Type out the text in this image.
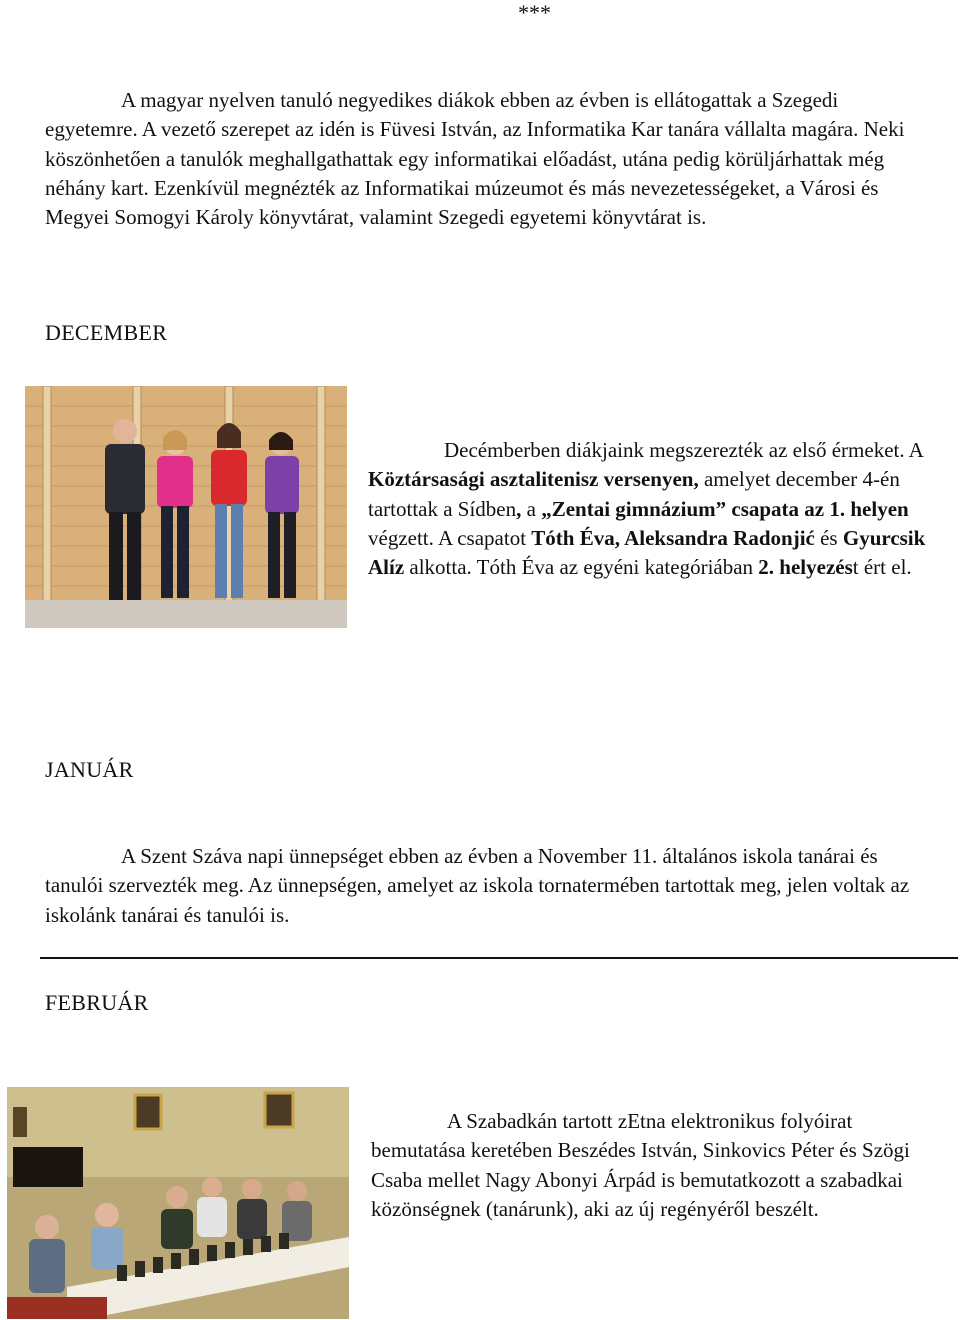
***

A magyar nyelven tanuló negyedikes diákok ebben az évben is ellátogattak a Szegedi egyetemre. A vezető szerepet az idén is Füvesi István, az Informatika Kar tanára vállalta magára. Neki köszönhetően a tanulók meghallgathattak egy informatikai előadást, utána pedig körüljárhattak még néhány kart. Ezenkívül megnézték az Informatikai múzeumot és más nevezetességeket, a Városi és Megyei Somogyi Károly könyvtárat, valamint Szegedi egyetemi könyvtárat is.

DECEMBER

Decémberben diákjaink megszerezték az első érmeket. A Köztársasági asztalitenisz versenyen, amelyet december 4-én tartottak a Sídben, a „Zentai gimnázium” csapata az 1. helyen végzett. A csapatot Tóth Éva, Aleksandra Radonjić és Gyurcsik Alíz alkotta. Tóth Éva az egyéni kategóriában 2. helyezést ért el.

JANUÁR

A Szent Száva napi ünnepséget ebben az évben a November 11. általános iskola tanárai és tanulói szervezték meg. Az ünnepségen, amelyet az iskola tornatermében tartottak meg, jelen voltak az iskolánk tanárai és tanulói is.

FEBRUÁR

A Szabadkán tartott zEtna elektronikus folyóirat bemutatása keretében Beszédes István, Sinkovics Péter és Szögi Csaba mellet Nagy Abonyi Árpád is bemutatkozott a szabadkai közönségnek (tanárunk), aki az új regényéről beszélt.
